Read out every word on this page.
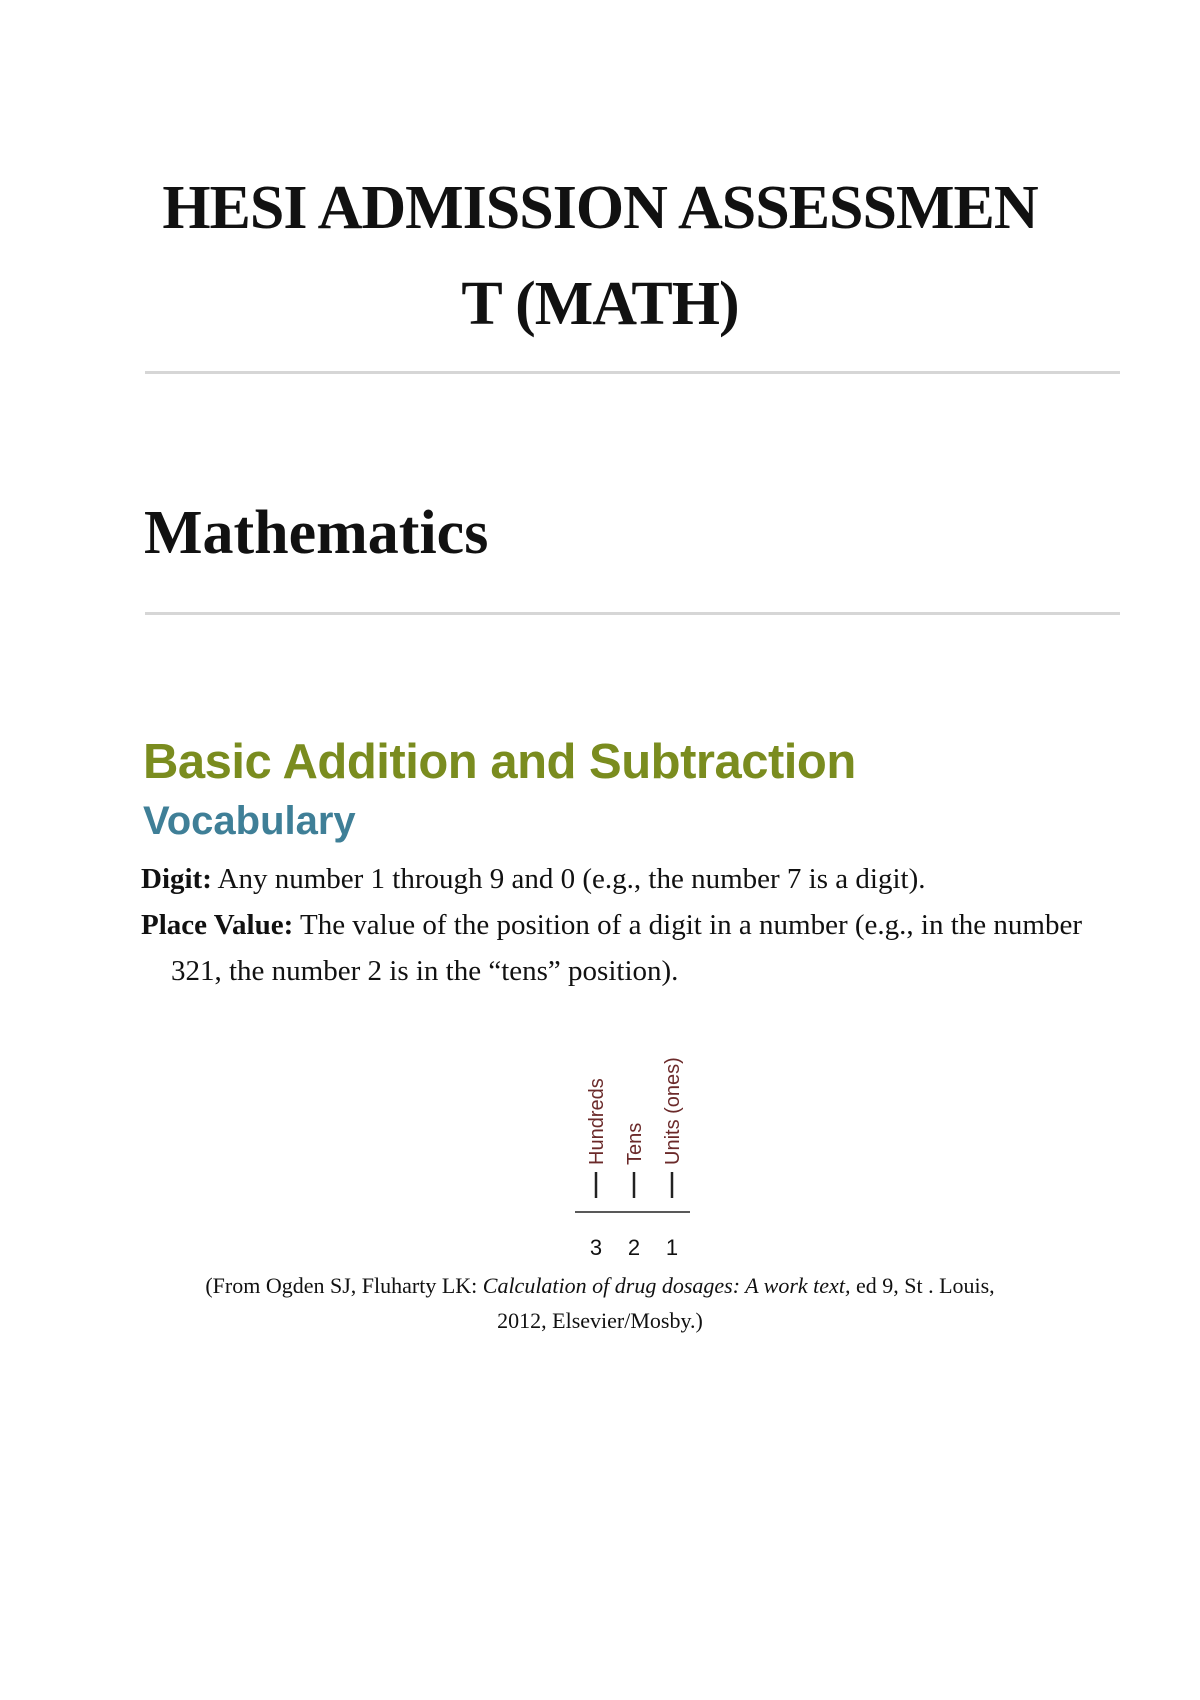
HESI ADMISSION ASSESSMEN
T (MATH)
Mathematics
Basic Addition and Subtraction
Vocabulary

Digit: Any number 1 through 9 and 0 (e.g., the number 7 is a digit).

Place Value: The value of the position of a digit in a number (e.g., in the number 321, the number 2 is in the “tens” position).

Hundreds Tens Units (ones)
3 2 1

(From Ogden SJ, Fluharty LK: Calculation of drug dosages: A work text, ed 9, St . Louis, 2012, Elsevier/Mosby.)
